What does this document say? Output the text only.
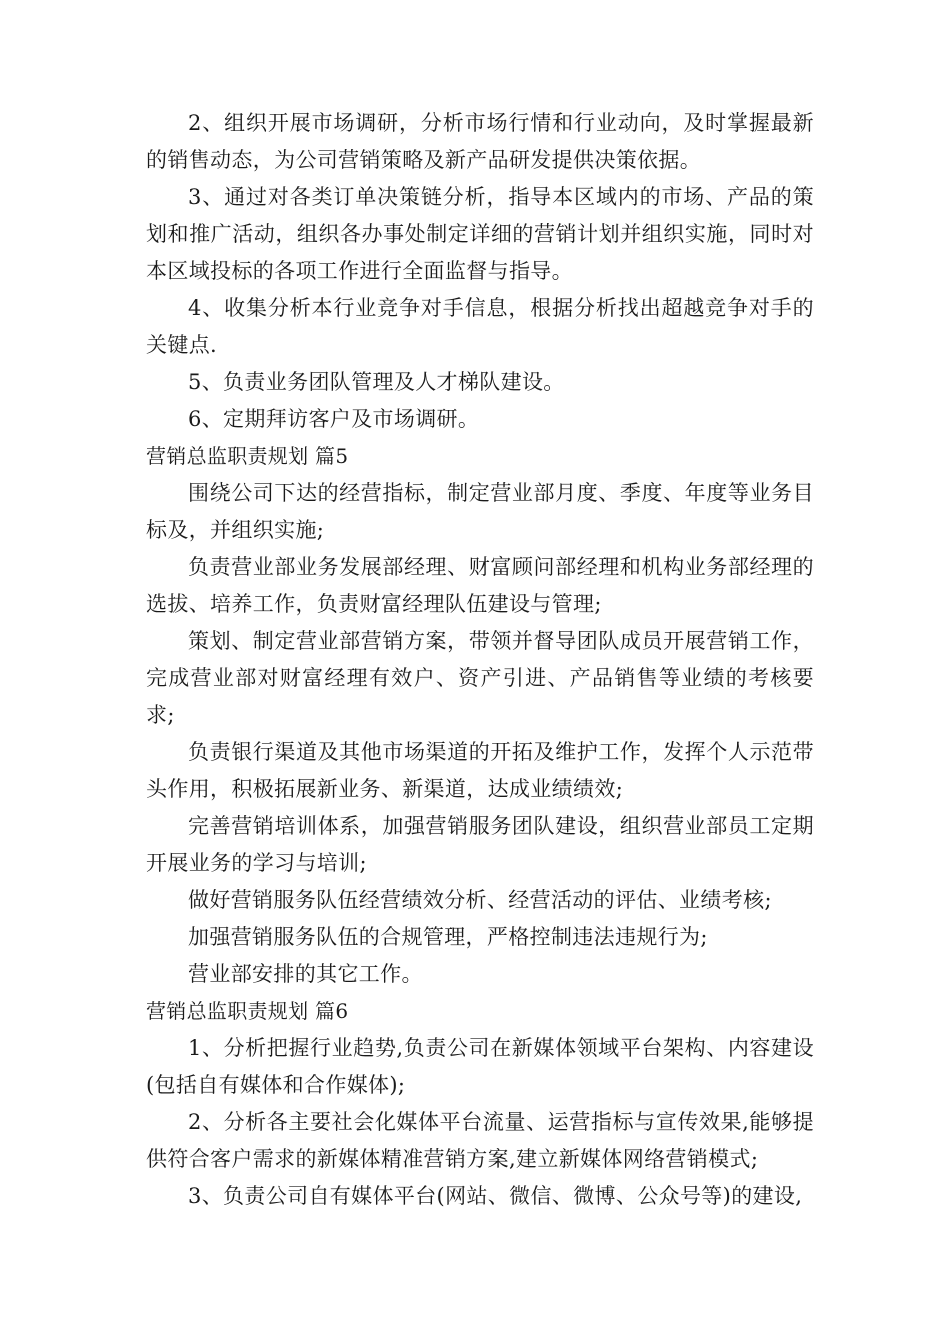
2、组织开展市场调研，分析市场行情和行业动向，及时掌握最新的销售动态，为公司营销策略及新产品研发提供决策依据。

3、通过对各类订单决策链分析，指导本区域内的市场、产品的策划和推广活动，组织各办事处制定详细的营销计划并组织实施，同时对本区域投标的各项工作进行全面监督与指导。

4、收集分析本行业竞争对手信息，根据分析找出超越竞争对手的关键点.

5、负责业务团队管理及人才梯队建设。

6、定期拜访客户及市场调研。

营销总监职责规划 篇5

围绕公司下达的经营指标，制定营业部月度、季度、年度等业务目标及，并组织实施;

负责营业部业务发展部经理、财富顾问部经理和机构业务部经理的选拔、培养工作，负责财富经理队伍建设与管理;

策划、制定营业部营销方案，带领并督导团队成员开展营销工作，完成营业部对财富经理有效户、资产引进、产品销售等业绩的考核要求;

负责银行渠道及其他市场渠道的开拓及维护工作，发挥个人示范带头作用，积极拓展新业务、新渠道，达成业绩绩效;

完善营销培训体系，加强营销服务团队建设，组织营业部员工定期开展业务的学习与培训;

做好营销服务队伍经营绩效分析、经营活动的评估、业绩考核;

加强营销服务队伍的合规管理，严格控制违法违规行为;

营业部安排的其它工作。

营销总监职责规划 篇6

1、分析把握行业趋势,负责公司在新媒体领域平台架构、内容建设(包括自有媒体和合作媒体);

2、分析各主要社会化媒体平台流量、运营指标与宣传效果,能够提供符合客户需求的新媒体精准营销方案,建立新媒体网络营销模式;

3、负责公司自有媒体平台(网站、微信、微博、公众号等)的建设,
